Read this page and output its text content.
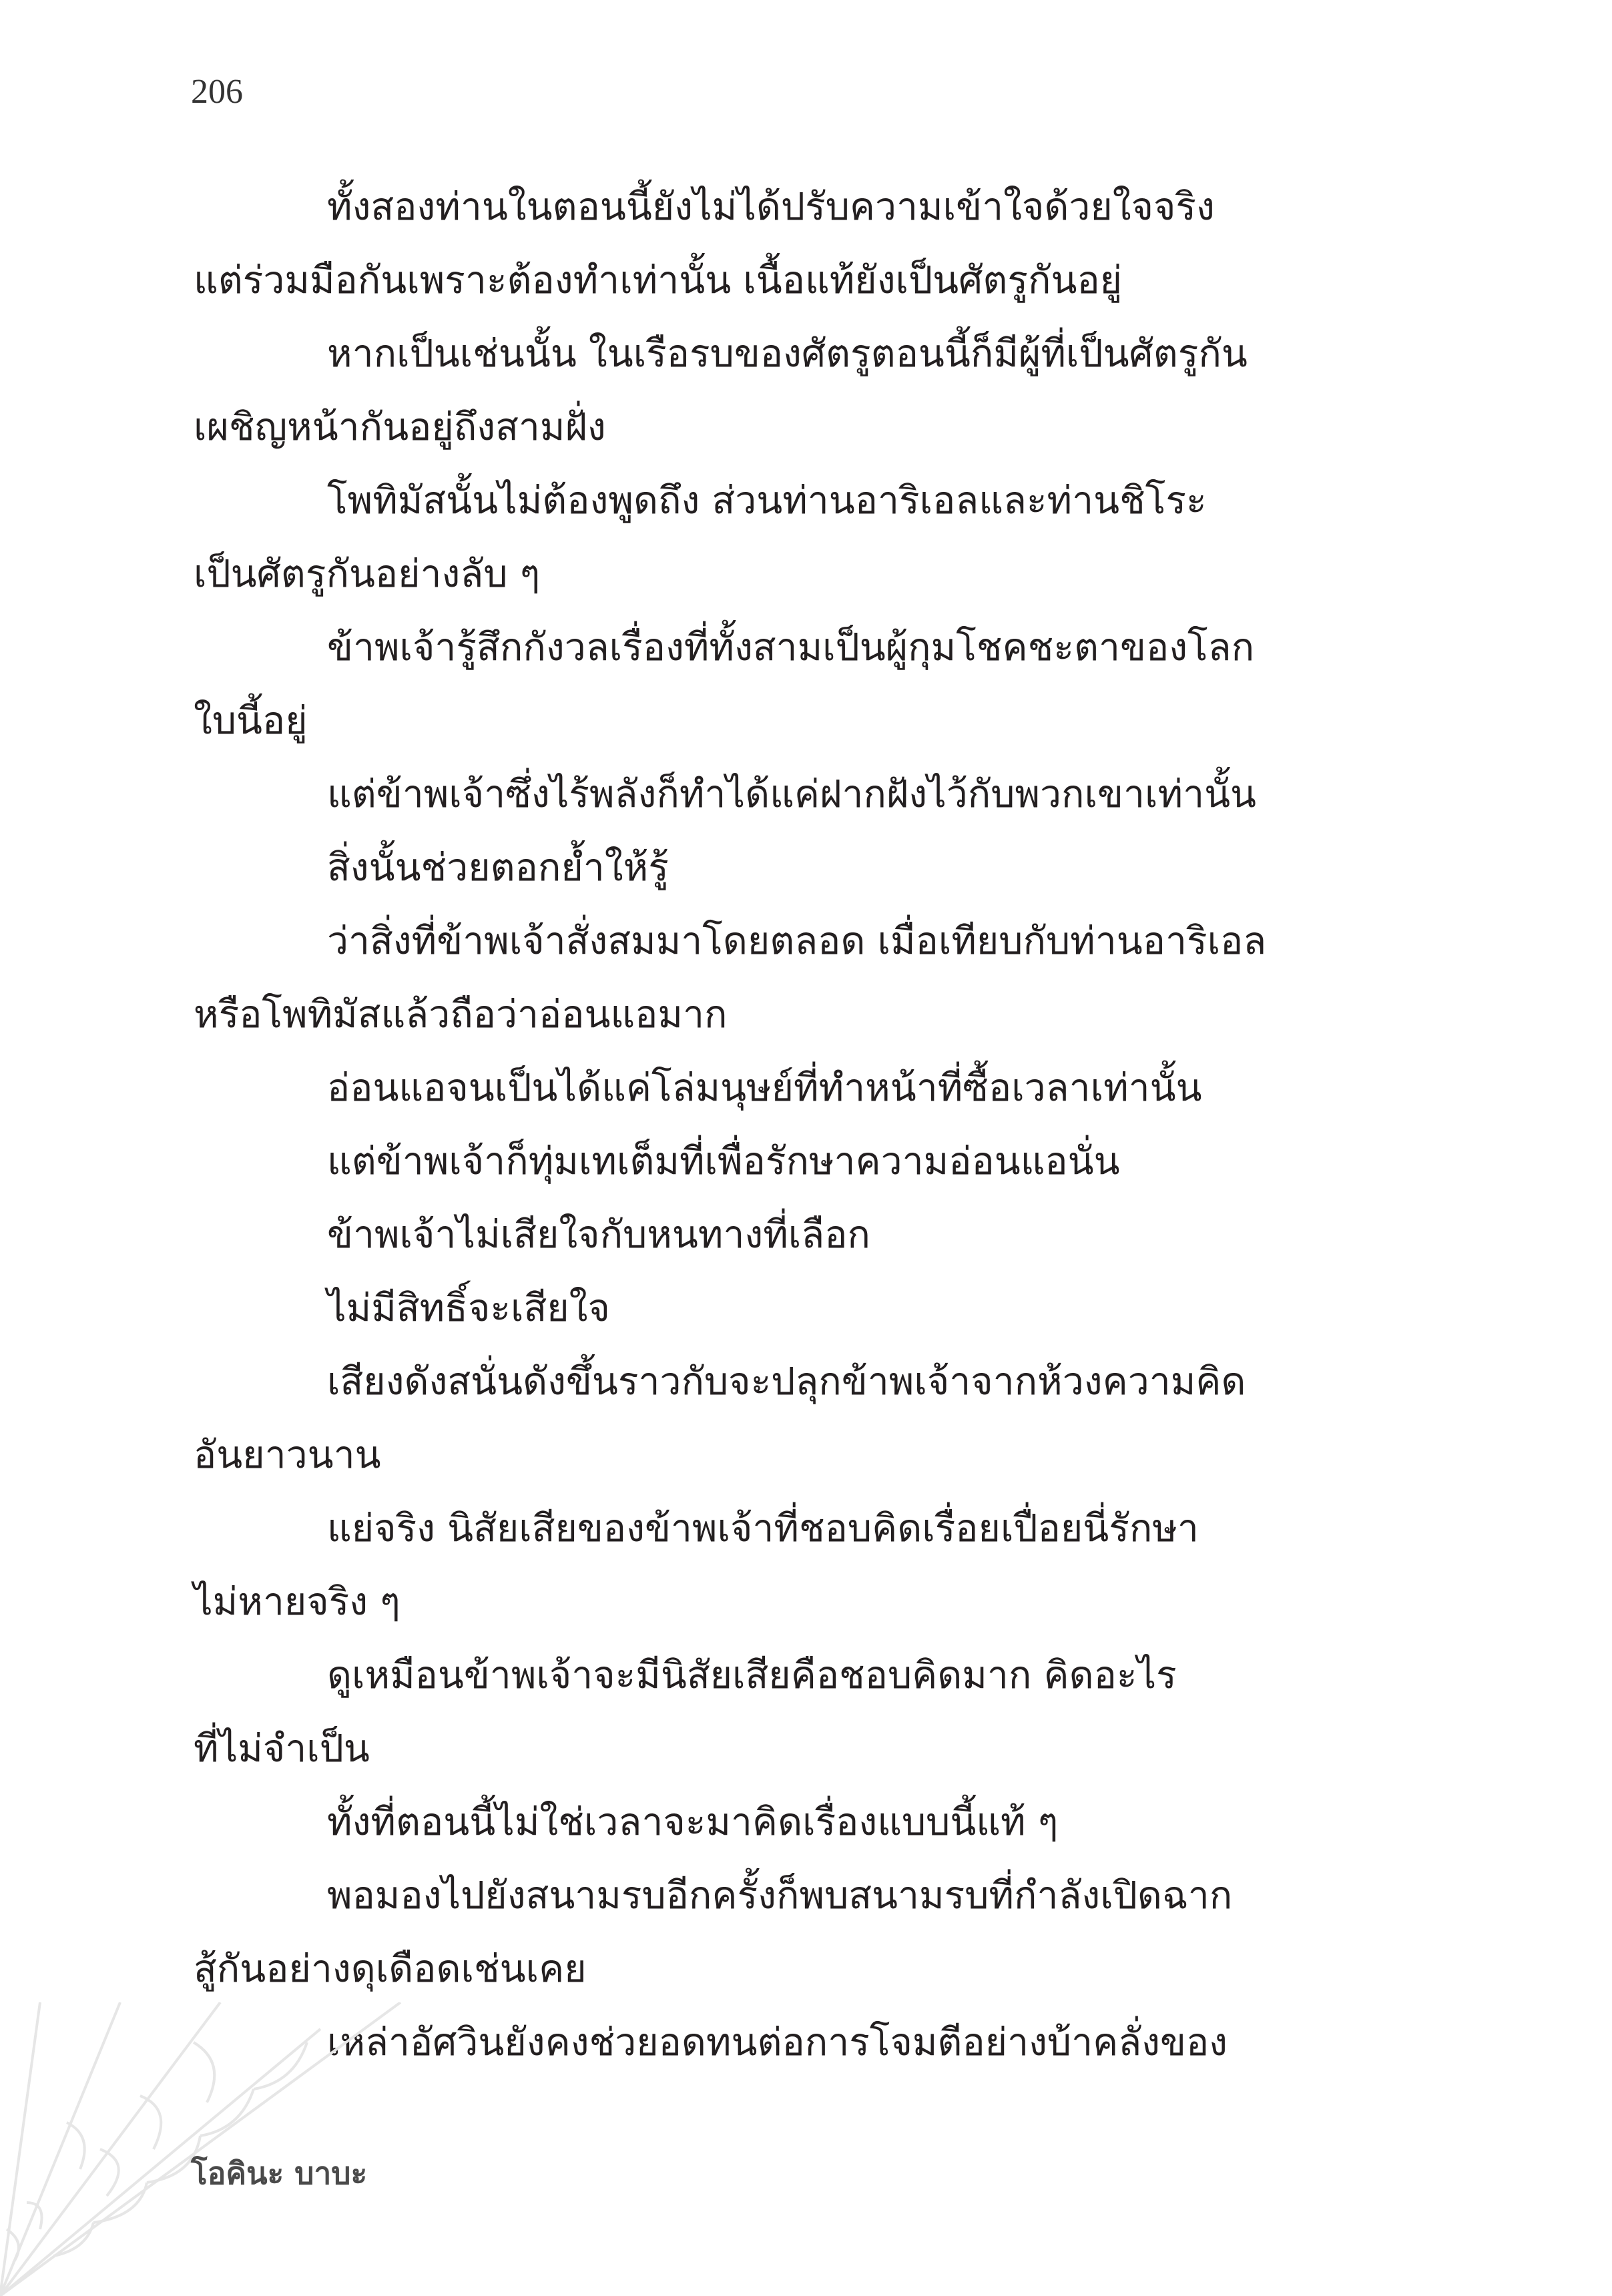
206
ทั้งสองท่านในตอนนี้ยังไม่ได้ปรับความเข้าใจด้วยใจจริง
แต่ร่วมมือกันเพราะต้องทำเท่านั้น เนื้อแท้ยังเป็นศัตรูกันอยู่
หากเป็นเช่นนั้น ในเรือรบของศัตรูตอนนี้ก็มีผู้ที่เป็นศัตรูกัน
เผชิญหน้ากันอยู่ถึงสามฝั่ง
โพทิมัสนั้นไม่ต้องพูดถึง ส่วนท่านอาริเอลและท่านชิโระ
เป็นศัตรูกันอย่างลับ ๆ
ข้าพเจ้ารู้สึกกังวลเรื่องที่ทั้งสามเป็นผู้กุมโชคชะตาของโลก
ใบนี้อยู่
แต่ข้าพเจ้าซึ่งไร้พลังก็ทำได้แค่ฝากฝังไว้กับพวกเขาเท่านั้น
สิ่งนั้นช่วยตอกย้ำให้รู้
ว่าสิ่งที่ข้าพเจ้าสั่งสมมาโดยตลอด เมื่อเทียบกับท่านอาริเอล
หรือโพทิมัสแล้วถือว่าอ่อนแอมาก
อ่อนแอจนเป็นได้แค่โล่มนุษย์ที่ทำหน้าที่ซื้อเวลาเท่านั้น
แต่ข้าพเจ้าก็ทุ่มเทเต็มที่เพื่อรักษาความอ่อนแอนั่น
ข้าพเจ้าไม่เสียใจกับหนทางที่เลือก
ไม่มีสิทธิ์จะเสียใจ
เสียงดังสนั่นดังขึ้นราวกับจะปลุกข้าพเจ้าจากห้วงความคิด
อันยาวนาน
แย่จริง นิสัยเสียของข้าพเจ้าที่ชอบคิดเรื่อยเปื่อยนี่รักษา
ไม่หายจริง ๆ
ดูเหมือนข้าพเจ้าจะมีนิสัยเสียคือชอบคิดมาก คิดอะไร
ที่ไม่จำเป็น
ทั้งที่ตอนนี้ไม่ใช่เวลาจะมาคิดเรื่องแบบนี้แท้ ๆ
พอมองไปยังสนามรบอีกครั้งก็พบสนามรบที่กำลังเปิดฉาก
สู้กันอย่างดุเดือดเช่นเคย
เหล่าอัศวินยังคงช่วยอดทนต่อการโจมตีอย่างบ้าคลั่งของ
โอคินะ บาบะ
